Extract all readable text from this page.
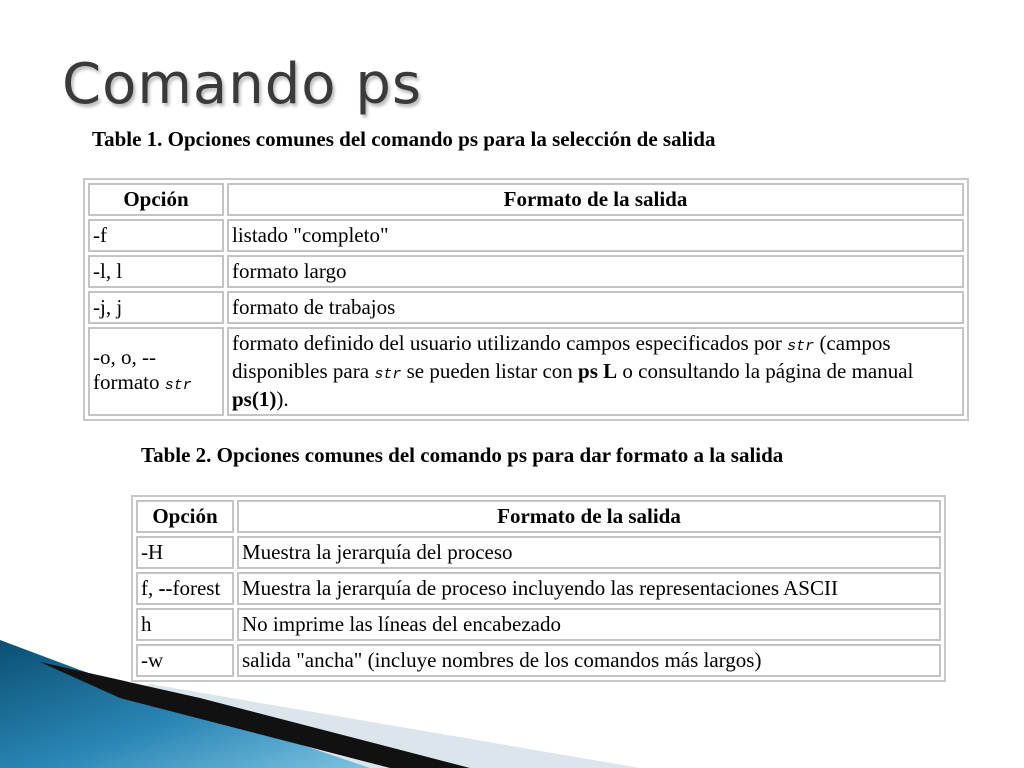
Comando ps

Table 1. Opciones comunes del comando ps para la selección de salida

Opción	Formato de la salida
-f	listado "completo"
-l, l	formato largo
-j, j	formato de trabajos
-o, o, --
formato str	formato definido del usuario utilizando campos especificados por str (campos disponibles para str se pueden listar con ps L o consultando la página de manual ps(1)).

Table 2. Opciones comunes del comando ps para dar formato a la salida

Opción	Formato de la salida
-H	Muestra la jerarquía del proceso
f, --forest	Muestra la jerarquía de proceso incluyendo las representaciones ASCII
h	No imprime las líneas del encabezado
-w	salida "ancha" (incluye nombres de los comandos más largos)
